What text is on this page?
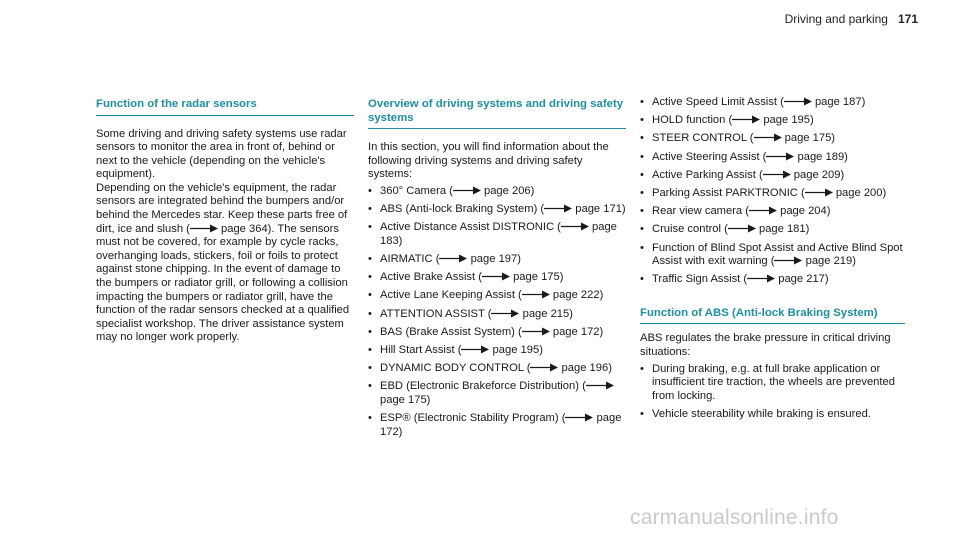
Driving and parking 171
Function of the radar sensors

Some driving and driving safety systems use radar sensors to monitor the area in front of, behind or next to the vehicle (depending on the vehicle's equipment).

Depending on the vehicle's equipment, the radar sensors are integrated behind the bumpers and/or behind the Mercedes star. Keep these parts free of dirt, ice and slush (	page 364). The sensors must not be covered, for example by cycle racks, overhanging loads, stickers, foil or foils to protect against stone chipping. In the event of damage to the bumpers or radiator grill, or following a collision impacting the bumpers or radiator grill, have the function of the radar sensors checked at a qualified specialist workshop. The driver assistance system may no longer work properly.

Overview of driving systems and driving safety systems

In this section, you will find information about the following driving systems and driving safety systems:

• 360° Camera (	page 206)
• ABS (Anti-lock Braking System) (	page 171)
• Active Distance Assist DISTRONIC (	page 183)
• AIRMATIC (	page 197)
• Active Brake Assist (	page 175)
• Active Lane Keeping Assist (	page 222)
• ATTENTION ASSIST (	page 215)
• BAS (Brake Assist System) (	page 172)
• Hill Start Assist (	page 195)
• DYNAMIC BODY CONTROL (	page 196)
• EBD (Electronic Brakeforce Distribution) ( page 175)
• ESP® (Electronic Stability Program) (	page 172)
• Active Speed Limit Assist (	page 187)
• HOLD function (	page 195)
• STEER CONTROL (	page 175)
• Active Steering Assist (	page 189)
• Active Parking Assist (	page 209)
• Parking Assist PARKTRONIC (	page 200)
• Rear view camera (	page 204)
• Cruise control (	page 181)
• Function of Blind Spot Assist and Active Blind Spot Assist with exit warning (	page 219)
• Traffic Sign Assist (	page 217)
Function of ABS (Anti-lock Braking System)

ABS regulates the brake pressure in critical driving situations:

• During braking, e.g. at full brake application or insufficient tire traction, the wheels are prevented from locking.
• Vehicle steerability while braking is ensured.
carmanualsonline.info
